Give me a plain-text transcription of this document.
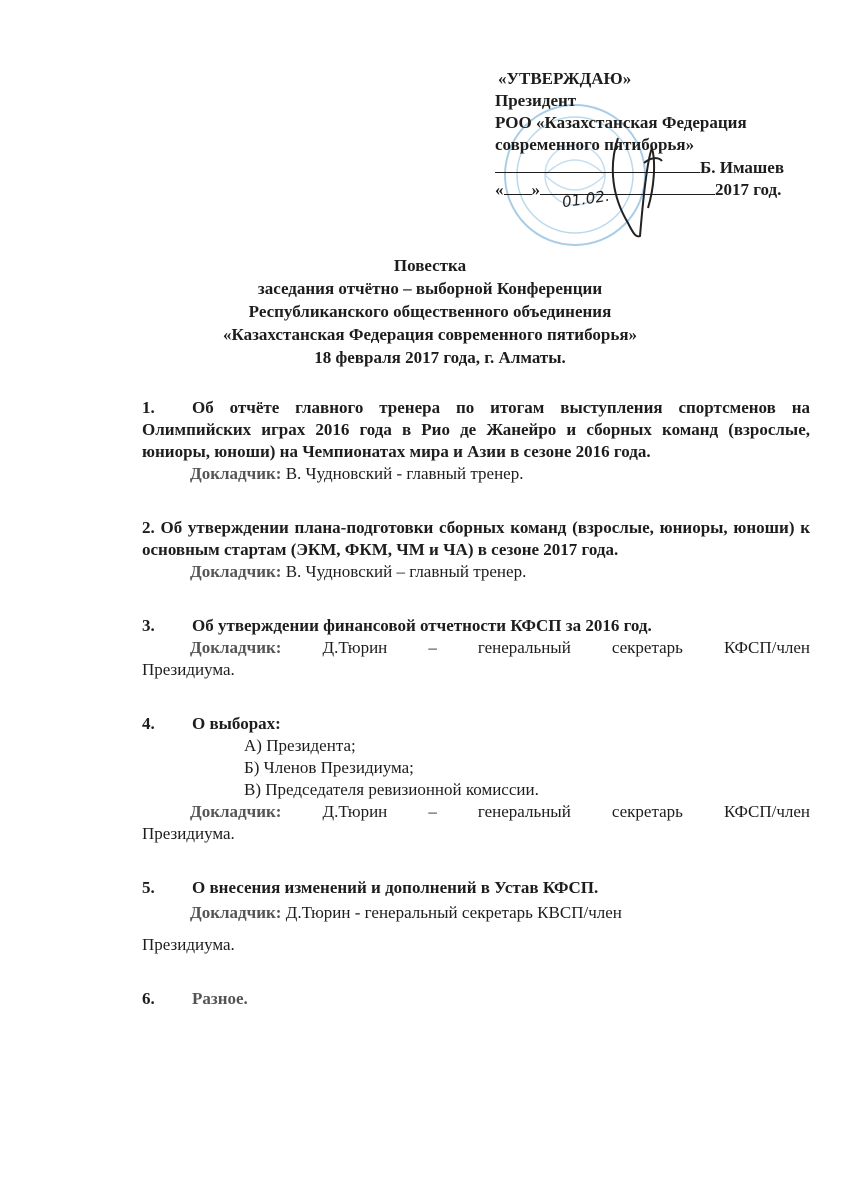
01.02.
«УТВЕРЖДАЮ»
Президент
РОО «Казахстанская Федерация
современного пятиборья»
Б. Имашев
« »	2017 год.
Повестка
заседания отчётно – выборной Конференции
Республиканского общественного объединения
«Казахстанская Федерация современного пятиборья»
18 февраля 2017 года, г. Алматы.
1. Об отчёте главного тренера по итогам выступления спортсменов на Олимпийских играх 2016 года в Рио де Жанейро и сборных команд (взрослые, юниоры, юноши) на Чемпионатах мира и Азии в сезоне 2016 года.
Докладчик: В. Чудновский - главный тренер.
2. Об утверждении плана-подготовки сборных команд (взрослые, юниоры, юноши) к основным стартам (ЭКМ, ФКМ, ЧМ и ЧА) в сезоне 2017 года.
Докладчик: В. Чудновский – главный тренер.
3. Об утверждении финансовой отчетности КФСП за 2016 год.
Докладчик: Д.Тюрин – генеральный секретарь КФСП/член
Президиума.
4. О выборах:
А) Президента;
Б) Членов Президиума;
В) Председателя ревизионной комиссии.
Докладчик: Д.Тюрин – генеральный секретарь КФСП/член
Президиума.
5. О внесения изменений и дополнений в Устав КФСП.
Докладчик: Д.Тюрин - генеральный секретарь КВСП/член
Президиума.
6. Разное.
